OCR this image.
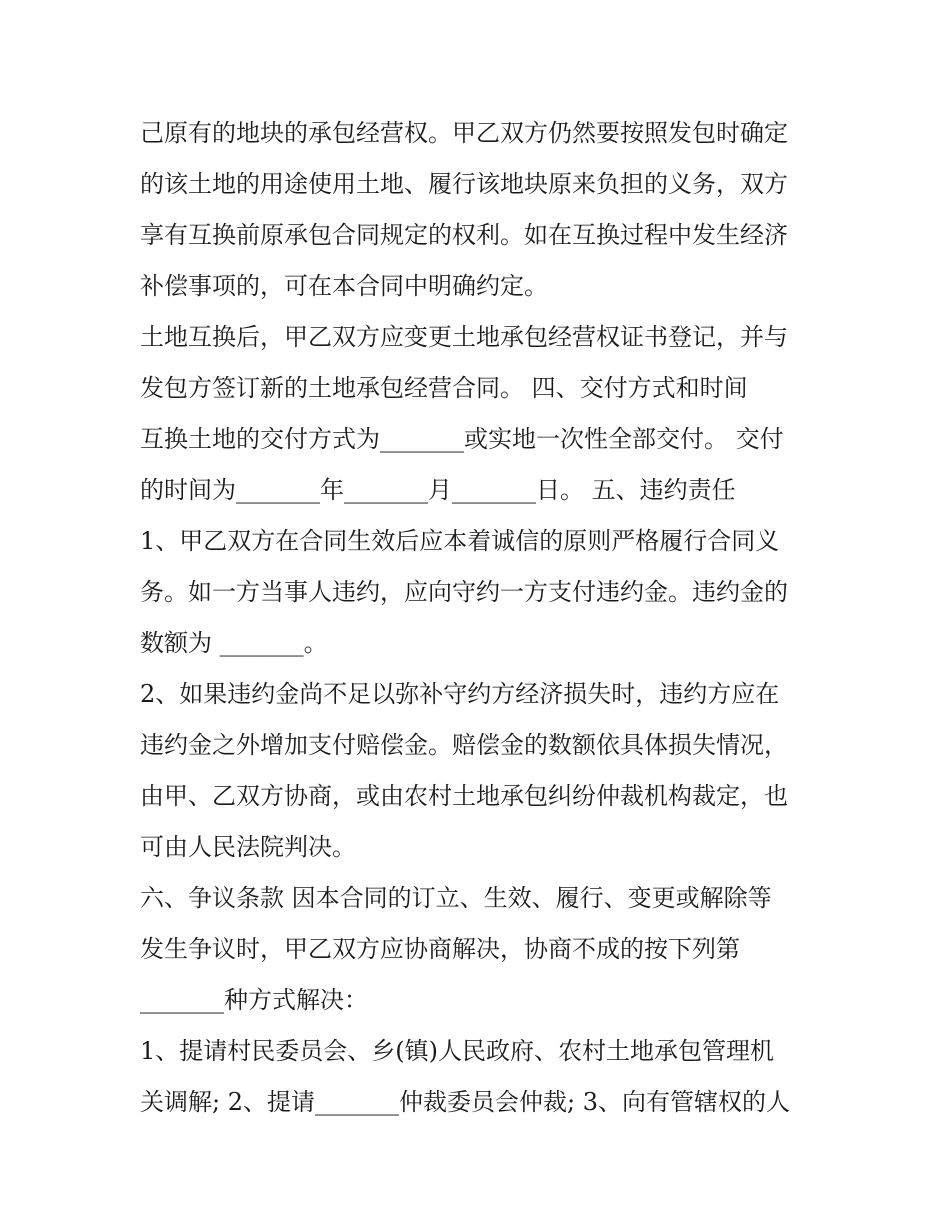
己原有的地块的承包经营权。甲乙双方仍然要按照发包时确定
的该土地的用途使用土地、履行该地块原来负担的义务，双方
享有互换前原承包合同规定的权利。如在互换过程中发生经济
补偿事项的，可在本合同中明确约定。
土地互换后，甲乙双方应变更土地承包经营权证书登记，并与
发包方签订新的土地承包经营合同。 四、交付方式和时间
互换土地的交付方式为_______或实地一次性全部交付。 交付
的时间为_______年_______月_______日。 五、违约责任
1、甲乙双方在合同生效后应本着诚信的原则严格履行合同义
务。如一方当事人违约，应向守约一方支付违约金。违约金的
数额为 _______。
2、如果违约金尚不足以弥补守约方经济损失时，违约方应在
违约金之外增加支付赔偿金。赔偿金的数额依具体损失情况，
由甲、乙双方协商，或由农村土地承包纠纷仲裁机构裁定，也
可由人民法院判决。
六、争议条款 因本合同的订立、生效、履行、变更或解除等
发生争议时，甲乙双方应协商解决，协商不成的按下列第
_______种方式解决：
1、提请村民委员会、乡(镇)人民政府、农村土地承包管理机
关调解; 2、提请_______仲裁委员会仲裁; 3、向有管辖权的人
